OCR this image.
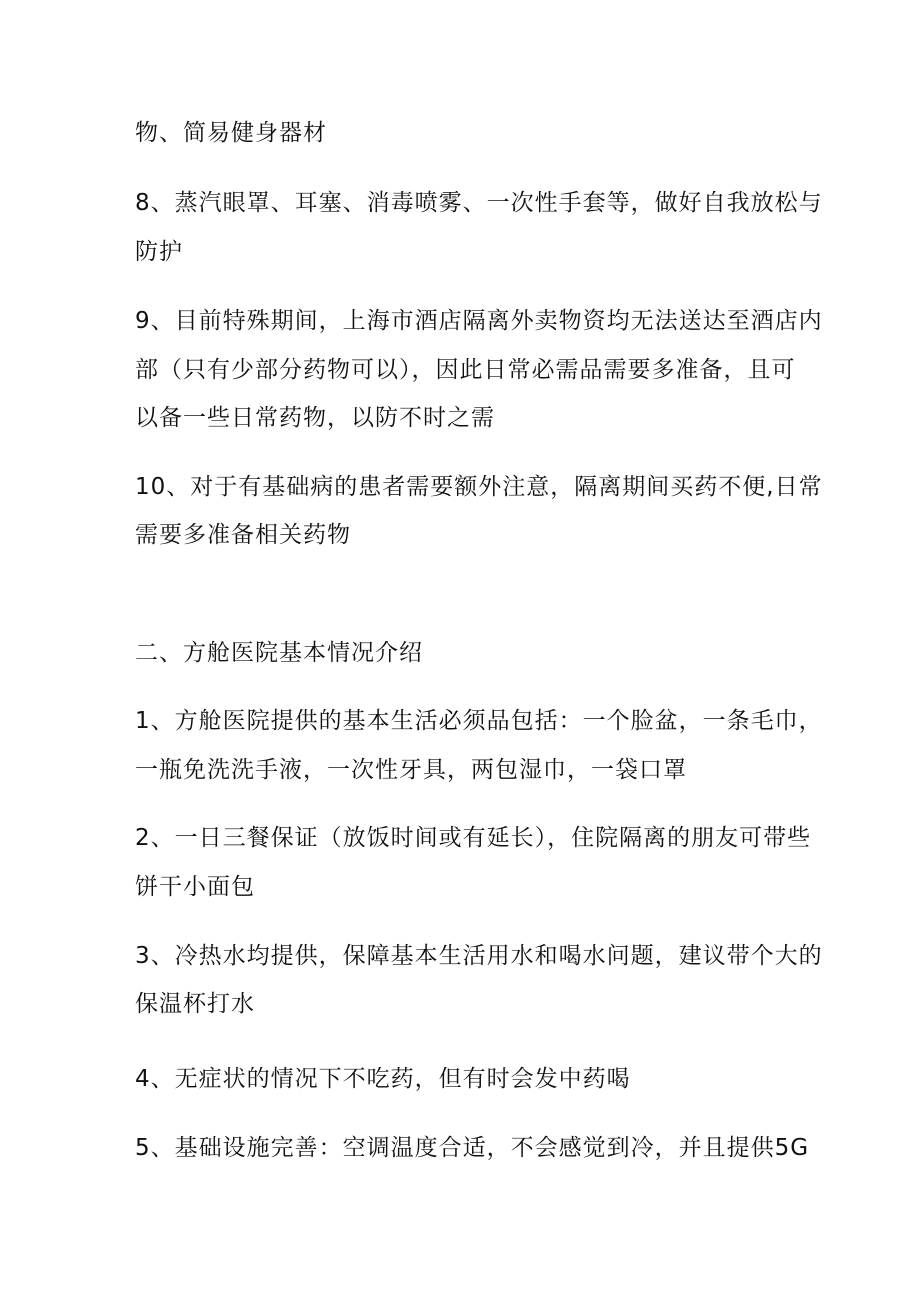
物、简易健身器材
8、蒸汽眼罩、耳塞、消毒喷雾、一次性手套等，做好自我放松与
防护
9、目前特殊期间，上海市酒店隔离外卖物资均无法送达至酒店内
部（只有少部分药物可以），因此日常必需品需要多准备，且可
以备一些日常药物，以防不时之需
10、对于有基础病的患者需要额外注意，隔离期间买药不便,日常
需要多准备相关药物
二、方舱医院基本情况介绍
1、方舱医院提供的基本生活必须品包括：一个脸盆，一条毛巾，
一瓶免洗洗手液，一次性牙具，两包湿巾，一袋口罩
2、一日三餐保证（放饭时间或有延长），住院隔离的朋友可带些
饼干小面包
3、冷热水均提供，保障基本生活用水和喝水问题，建议带个大的
保温杯打水
4、无症状的情况下不吃药，但有时会发中药喝
5、基础设施完善：空调温度合适，不会感觉到冷，并且提供5G
